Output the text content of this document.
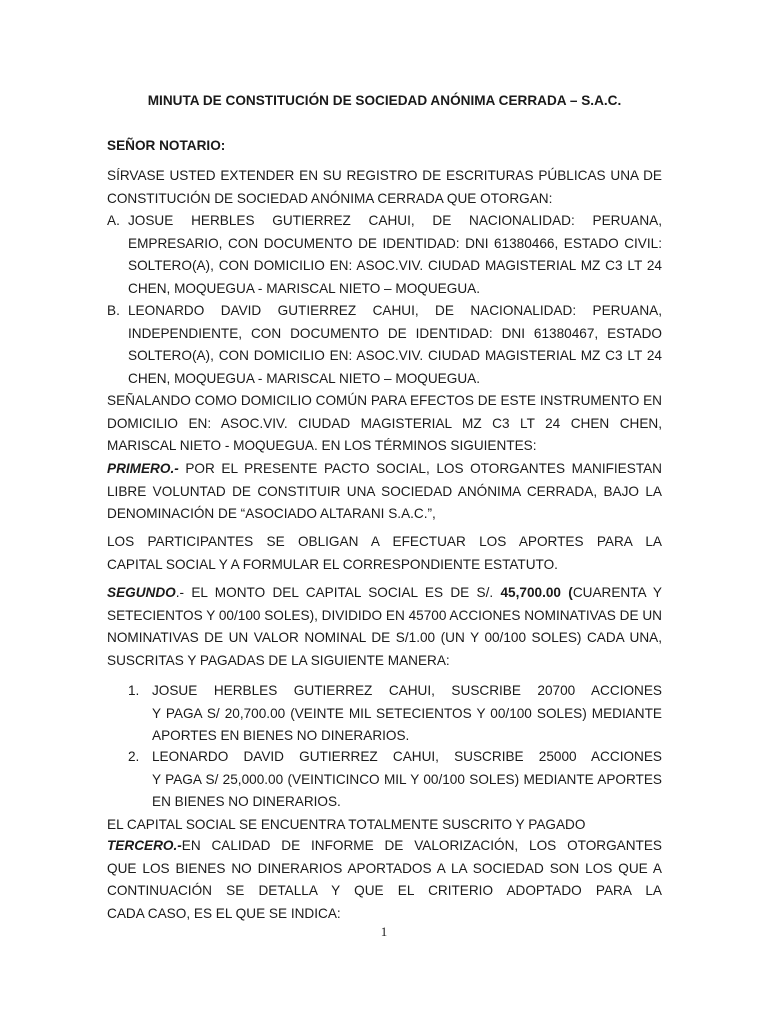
MINUTA DE CONSTITUCIÓN DE SOCIEDAD ANÓNIMA CERRADA – S.A.C.
SEÑOR NOTARIO:
SÍRVASE USTED EXTENDER EN SU REGISTRO DE ESCRITURAS PÚBLICAS UNA DE
CONSTITUCIÓN DE SOCIEDAD ANÓNIMA CERRADA QUE OTORGAN:
A. JOSUE HERBLES GUTIERREZ CAHUI, DE NACIONALIDAD: PERUANA,
EMPRESARIO, CON DOCUMENTO DE IDENTIDAD: DNI 61380466, ESTADO CIVIL:
SOLTERO(A), CON DOMICILIO EN: ASOC.VIV. CIUDAD MAGISTERIAL MZ C3 LT 24
CHEN, MOQUEGUA - MARISCAL NIETO – MOQUEGUA.
B. LEONARDO DAVID GUTIERREZ CAHUI, DE NACIONALIDAD: PERUANA,
INDEPENDIENTE, CON DOCUMENTO DE IDENTIDAD: DNI 61380467, ESTADO
SOLTERO(A), CON DOMICILIO EN: ASOC.VIV. CIUDAD MAGISTERIAL MZ C3 LT 24
CHEN, MOQUEGUA - MARISCAL NIETO – MOQUEGUA.
SEÑALANDO COMO DOMICILIO COMÚN PARA EFECTOS DE ESTE INSTRUMENTO EN
DOMICILIO EN: ASOC.VIV. CIUDAD MAGISTERIAL MZ C3 LT 24 CHEN CHEN,
MARISCAL NIETO - MOQUEGUA. EN LOS TÉRMINOS SIGUIENTES:
PRIMERO.- POR EL PRESENTE PACTO SOCIAL, LOS OTORGANTES MANIFIESTAN
LIBRE VOLUNTAD DE CONSTITUIR UNA SOCIEDAD ANÓNIMA CERRADA, BAJO LA
DENOMINACIÓN DE “ASOCIADO ALTARANI S.A.C.”,
LOS PARTICIPANTES SE OBLIGAN A EFECTUAR LOS APORTES PARA LA
CAPITAL SOCIAL Y A FORMULAR EL CORRESPONDIENTE ESTATUTO.
SEGUNDO.- EL MONTO DEL CAPITAL SOCIAL ES DE S/. 45,700.00 (CUARENTA Y
SETECIENTOS Y 00/100 SOLES), DIVIDIDO EN 45700 ACCIONES NOMINATIVAS DE UN
NOMINATIVAS DE UN VALOR NOMINAL DE S/1.00 (UN Y 00/100 SOLES) CADA UNA,
SUSCRITAS Y PAGADAS DE LA SIGUIENTE MANERA:
1. JOSUE HERBLES GUTIERREZ CAHUI, SUSCRIBE 20700 ACCIONES
Y PAGA S/ 20,700.00 (VEINTE MIL SETECIENTOS Y 00/100 SOLES) MEDIANTE
APORTES EN BIENES NO DINERARIOS.
2. LEONARDO DAVID GUTIERREZ CAHUI, SUSCRIBE 25000 ACCIONES
Y PAGA S/ 25,000.00 (VEINTICINCO MIL Y 00/100 SOLES) MEDIANTE APORTES
EN BIENES NO DINERARIOS.
EL CAPITAL SOCIAL SE ENCUENTRA TOTALMENTE SUSCRITO Y PAGADO
TERCERO.-EN CALIDAD DE INFORME DE VALORIZACIÓN, LOS OTORGANTES
QUE LOS BIENES NO DINERARIOS APORTADOS A LA SOCIEDAD SON LOS QUE A
CONTINUACIÓN SE DETALLA Y QUE EL CRITERIO ADOPTADO PARA LA
CADA CASO, ES EL QUE SE INDICA:
1
